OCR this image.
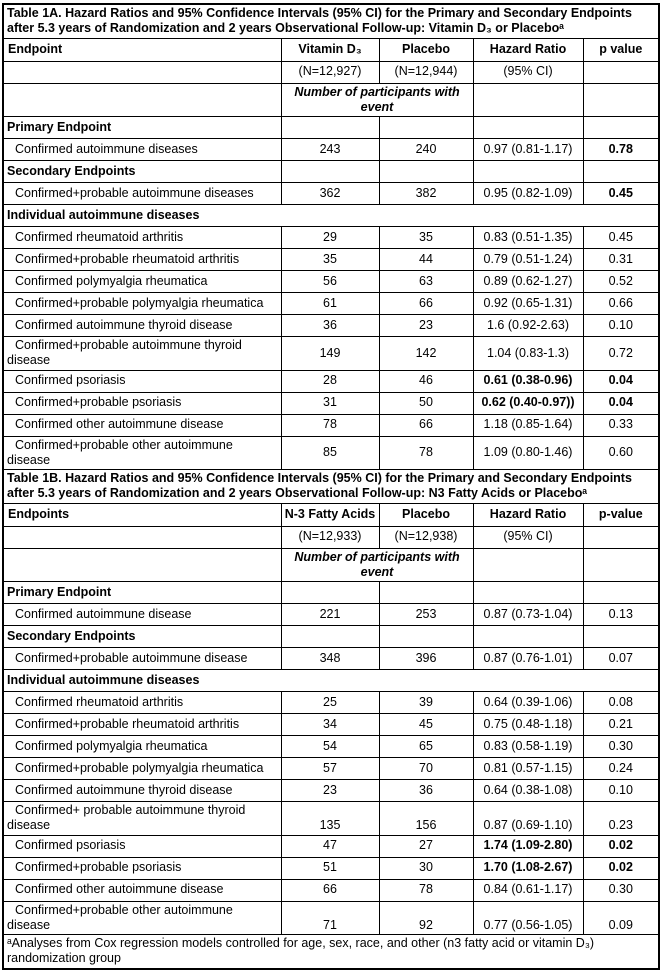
Table 1A. Hazard Ratios and 95% Confidence Intervals (95% CI) for the Primary and Secondary Endpoints after 5.3 years of Randomization and 2 years Observational Follow-up: Vitamin D₃ or Placeboᵃ				
Endpoint	Vitamin D₃	Placebo	Hazard Ratio	p value
	(N=12,927)	(N=12,944)	(95% CI)	
	Number of participants with event			
Primary Endpoint				
Confirmed autoimmune diseases	243	240	0.97 (0.81-1.17)	0.78
Secondary Endpoints				
Confirmed+probable autoimmune diseases	362	382	0.95 (0.82-1.09)	0.45
Individual autoimmune diseases				
Confirmed rheumatoid arthritis	29	35	0.83 (0.51-1.35)	0.45
Confirmed+probable rheumatoid arthritis	35	44	0.79 (0.51-1.24)	0.31
Confirmed polymyalgia rheumatica	56	63	0.89 (0.62-1.27)	0.52
Confirmed+probable polymyalgia rheumatica	61	66	0.92 (0.65-1.31)	0.66
Confirmed autoimmune thyroid disease	36	23	1.6 (0.92-2.63)	0.10
Confirmed+probable autoimmune thyroid disease	149	142	1.04 (0.83-1.3)	0.72
Confirmed psoriasis	28	46	0.61 (0.38-0.96)	0.04
Confirmed+probable psoriasis	31	50	0.62 (0.40-0.97))	0.04
Confirmed other autoimmune disease	78	66	1.18 (0.85-1.64)	0.33
Confirmed+probable other autoimmune disease	85	78	1.09 (0.80-1.46)	0.60
Table 1B. Hazard Ratios and 95% Confidence Intervals (95% CI) for the Primary and Secondary Endpoints after 5.3 years of Randomization and 2 years Observational Follow-up: N3 Fatty Acids or Placeboᵃ				
Endpoints	N-3 Fatty Acids	Placebo	Hazard Ratio	p-value
	(N=12,933)	(N=12,938)	(95% CI)	
	Number of participants with event			
Primary Endpoint				
Confirmed autoimmune disease	221	253	0.87 (0.73-1.04)	0.13
Secondary Endpoints				
Confirmed+probable autoimmune disease	348	396	0.87 (0.76-1.01)	0.07
Individual autoimmune diseases				
Confirmed rheumatoid arthritis	25	39	0.64 (0.39-1.06)	0.08
Confirmed+probable rheumatoid arthritis	34	45	0.75 (0.48-1.18)	0.21
Confirmed polymyalgia rheumatica	54	65	0.83 (0.58-1.19)	0.30
Confirmed+probable polymyalgia rheumatica	57	70	0.81 (0.57-1.15)	0.24
Confirmed autoimmune thyroid disease	23	36	0.64 (0.38-1.08)	0.10
Confirmed+ probable autoimmune thyroid disease	135	156	0.87 (0.69-1.10)	0.23
Confirmed psoriasis	47	27	1.74 (1.09-2.80)	0.02
Confirmed+probable psoriasis	51	30	1.70 (1.08-2.67)	0.02
Confirmed other autoimmune disease	66	78	0.84 (0.61-1.17)	0.30
Confirmed+probable other autoimmune disease	71	92	0.77 (0.56-1.05)	0.09
ᵃAnalyses from Cox regression models controlled for age, sex, race, and other (n3 fatty acid or vitamin D₃) randomization group				
